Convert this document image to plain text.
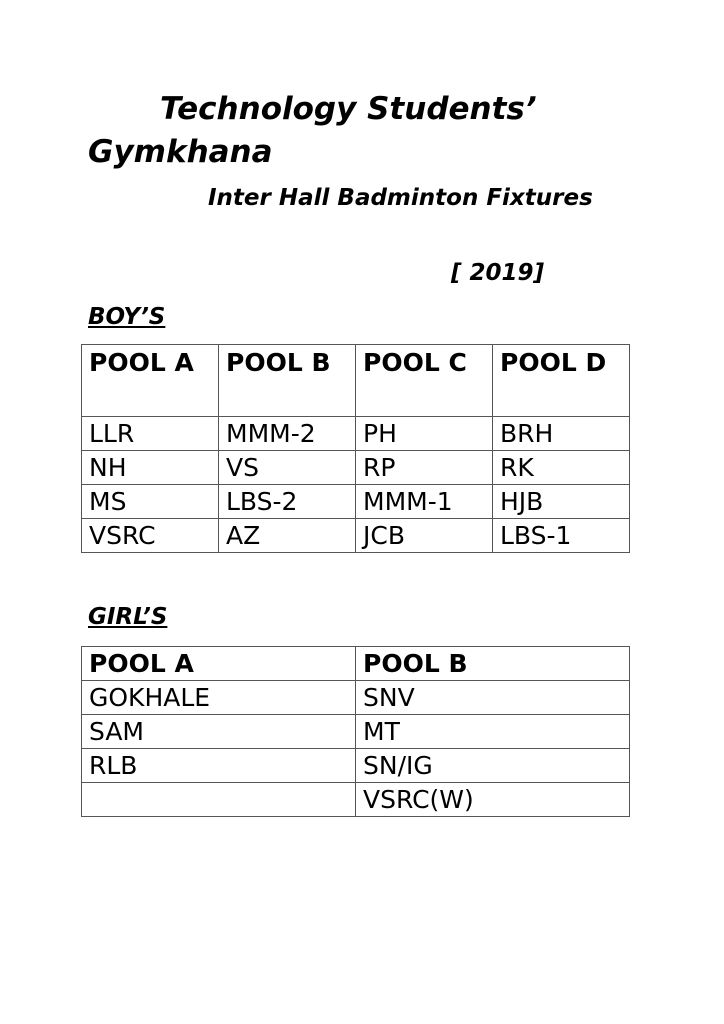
Technology Students’ Gymkhana
Inter Hall Badminton Fixtures
[ 2019]
BOY’S
POOL A	POOL B	POOL C	POOL D
LLR	MMM-2	PH	BRH
NH	VS	RP	RK
MS	LBS-2	MMM-1	HJB
VSRC	AZ	JCB	LBS-1
GIRL’S
POOL A	POOL B
GOKHALE	SNV
SAM	MT
RLB	SN/IG
	VSRC(W)
